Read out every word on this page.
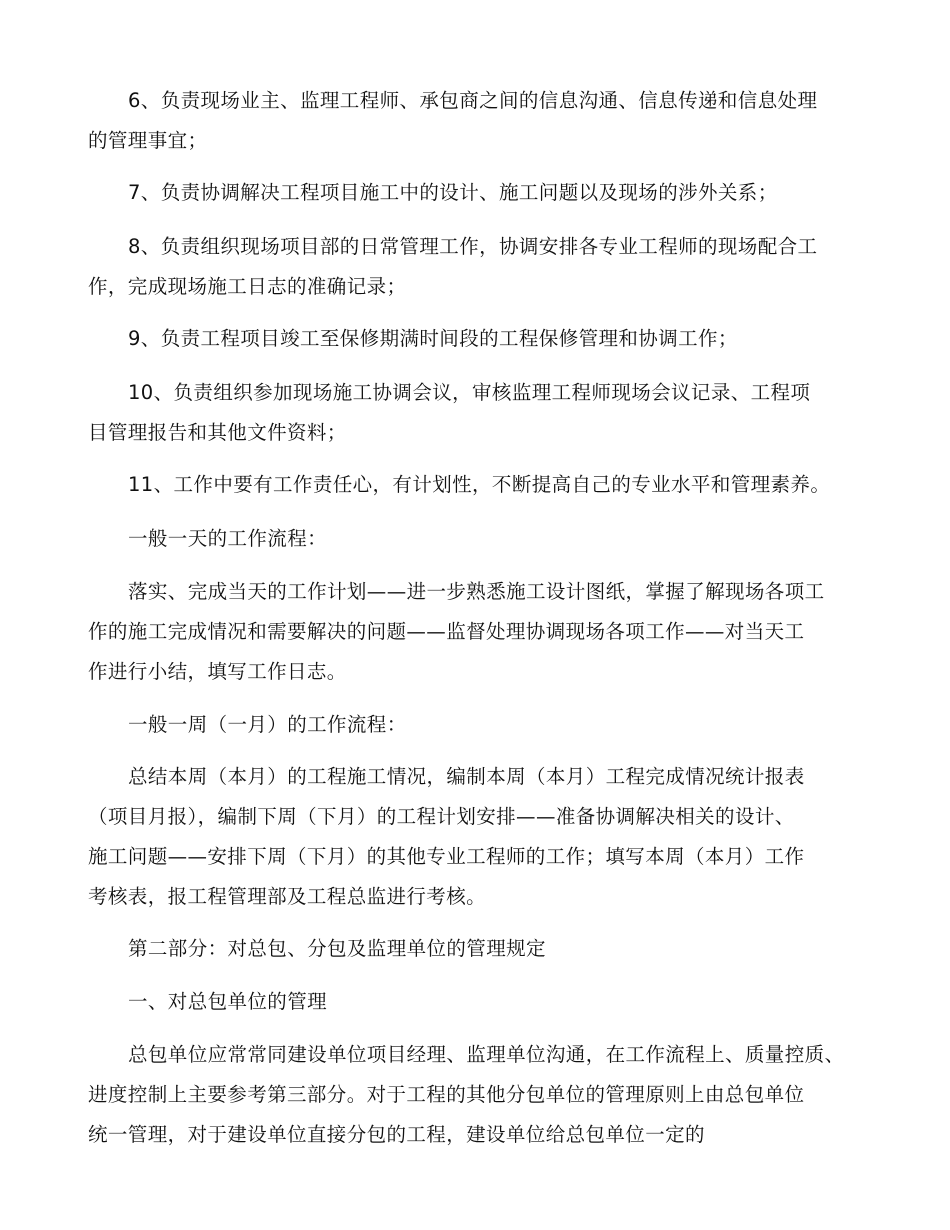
6、负责现场业主、监理工程师、承包商之间的信息沟通、信息传递和信息处理
的管理事宜；
7、负责协调解决工程项目施工中的设计、施工问题以及现场的涉外关系；
8、负责组织现场项目部的日常管理工作，协调安排各专业工程师的现场配合工
作，完成现场施工日志的准确记录；
9、负责工程项目竣工至保修期满时间段的工程保修管理和协调工作；
10、负责组织参加现场施工协调会议，审核监理工程师现场会议记录、工程项
目管理报告和其他文件资料；
11、工作中要有工作责任心，有计划性，不断提高自己的专业水平和管理素养。
一般一天的工作流程：
落实、完成当天的工作计划——进一步熟悉施工设计图纸，掌握了解现场各项工
作的施工完成情况和需要解决的问题——监督处理协调现场各项工作——对当天工
作进行小结，填写工作日志。
一般一周（一月）的工作流程：
总结本周（本月）的工程施工情况，编制本周（本月）工程完成情况统计报表
（项目月报），编制下周（下月）的工程计划安排——准备协调解决相关的设计、
施工问题——安排下周（下月）的其他专业工程师的工作；填写本周（本月）工作
考核表，报工程管理部及工程总监进行考核。
第二部分：对总包、分包及监理单位的管理规定
一、对总包单位的管理
总包单位应常常同建设单位项目经理、监理单位沟通，在工作流程上、质量控质、
进度控制上主要参考第三部分。对于工程的其他分包单位的管理原则上由总包单位
统一管理，对于建设单位直接分包的工程，建设单位给总包单位一定的
